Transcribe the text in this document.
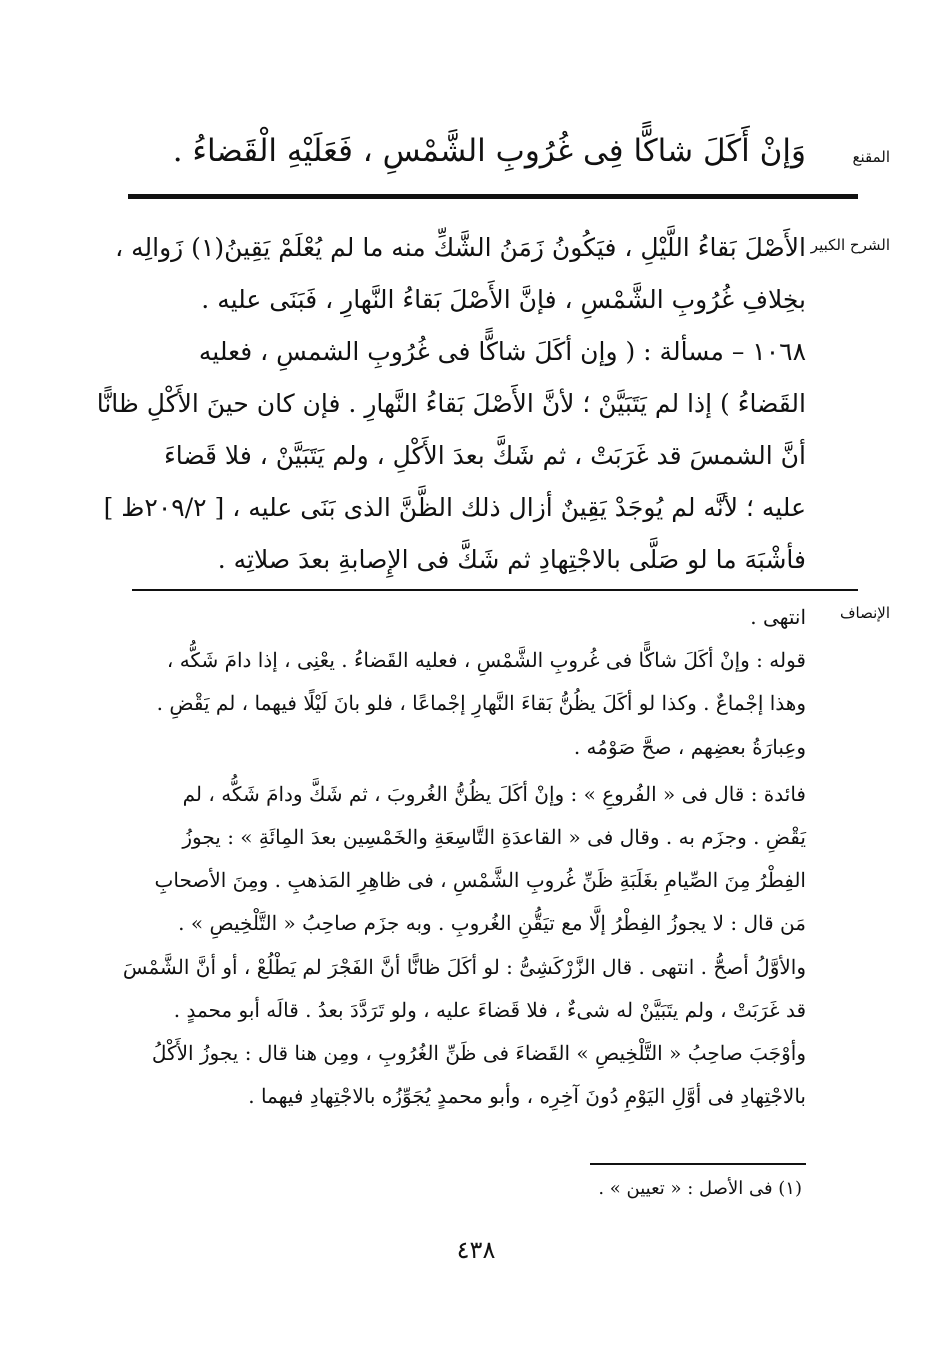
المقنع
وَإنْ أَكَلَ شاكًّا فِى غُرُوبِ الشَّمْسِ ، فَعَلَيْهِ الْقَضاءُ .
الشرح الكبير
الأَصْلَ بَقاءُ اللَّيْلِ ، فيَكُونُ زَمَنُ الشَّكِّ منه ما لم يُعْلَمْ يَقِينُ(١) زَوالِه ،
بخِلافِ غُرُوبِ الشَّمْسِ ، فإنَّ الأَصْلَ بَقاءُ النَّهارِ ، فَبَنَى عليه .
١٠٦٨ – مسألة : ( وإن أكَلَ شاكًّا فى غُرُوبِ الشمسِ ، فعليه
القَضاءُ ) إذا لم يَتَبَيَّنْ ؛ لأنَّ الأَصْلَ بَقاءُ النَّهارِ . فإن كان حينَ الأَكْلِ ظانًّا
أنَّ الشمسَ قد غَرَبَتْ ، ثم شَكَّ بعدَ الأَكْلِ ، ولم يَتَبَيَّنْ ، فلا قَضاءَ
عليه ؛ لأنَّه لم يُوجَدْ يَقِينٌ أزال ذلك الظَّنَّ الذى بَنَى عليه ، [ ٢٠٩/٢ظ ]
فأشْبَهَ ما لو صَلَّى بالاجْتِهادِ ثم شَكَّ فى الإِصابةِ بعدَ صلاتِه .
الإنصاف
انتهى .
قوله : وإنْ أكَلَ شاكًّا فى غُروبِ الشَّمْسِ ، فعليه القَضاءُ . يعْنِى ، إذا دامَ شَكُّه ،
وهذا إجْماعٌ . وكذا لو أكَلَ يظُنُّ بَقاءَ النَّهارِ إجْماعًا ، فلو بانَ لَيْلًا فيهما ، لم يَقْضِ .
وعِبارَةُ بعضِهم ، صحَّ صَوْمُه .
فائدة : قال فى « الفُروعِ » : وإنْ أكَلَ يظُنُّ الغُروبَ ، ثم شَكَّ ودامَ شَكُّه ، لم
يَقْضِ . وجزَم به . وقال فى « القاعدَةِ التَّاسِعَةِ والخَمْسِين بعدَ المِائَةِ » : يجوزُ
الفِطْرُ مِنَ الصِّيامِ بغَلَبَةِ ظَنِّ غُروبِ الشَّمْسِ ، فى ظاهِرِ المَذهبِ . ومِنَ الأصحابِ
مَن قال : لا يجوزُ الفِطْرُ إلَّا مع تيَقُّنِ الغُروبِ . وبه جزَم صاحِبُ « التَّلْخِيصِ » .
والأوَّلُ أصحُّ . انتهى . قال الزَّرْكَشِىُّ : لو أكَلَ ظانًّا أنَّ الفَجْرَ لم يَطْلُعْ ، أو أنَّ الشَّمْسَ
قد غَرَبَتْ ، ولم يتَبَيَّنْ له شىءٌ ، فلا قَضاءَ عليه ، ولو تَرَدَّدَ بعدُ . قالَه أبو محمدٍ .
وأوْجَبَ صاحِبُ « التَّلْخِيصِ » القَضاءَ فى ظَنِّ الغُرُوبِ ، ومِن هنا قال : يجوزُ الأَكْلُ
بالاجْتِهادِ فى أوَّلِ اليَوْمِ دُونَ آخِرِه ، وأبو محمدٍ يُجَوِّزُه بالاجْتِهادِ فيهما .
(١) فى الأصل : « تعيين » .
٤٣٨
